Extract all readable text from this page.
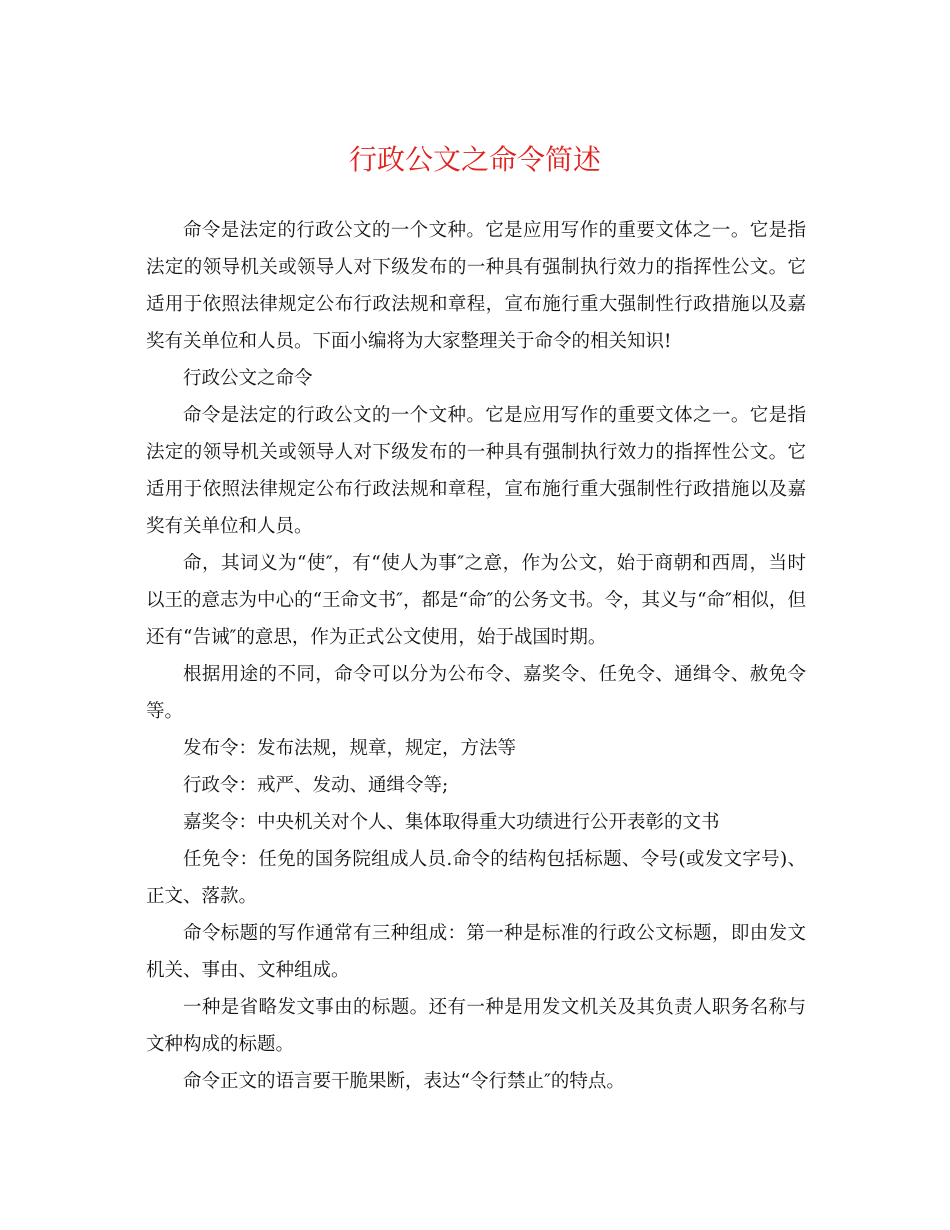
行政公文之命令简述

命令是法定的行政公文的一个文种。它是应用写作的重要文体之一。它是指法定的领导机关或领导人对下级发布的一种具有强制执行效力的指挥性公文。它适用于依照法律规定公布行政法规和章程，宣布施行重大强制性行政措施以及嘉奖有关单位和人员。下面小编将为大家整理关于命令的相关知识!

行政公文之命令

命令是法定的行政公文的一个文种。它是应用写作的重要文体之一。它是指法定的领导机关或领导人对下级发布的一种具有强制执行效力的指挥性公文。它适用于依照法律规定公布行政法规和章程，宣布施行重大强制性行政措施以及嘉奖有关单位和人员。

命，其词义为“使″，有“使人为事″之意，作为公文，始于商朝和西周，当时以王的意志为中心的“王命文书″，都是“命″的公务文书。令，其义与“命″相似，但还有“告诫″的意思，作为正式公文使用，始于战国时期。

根据用途的不同，命令可以分为公布令、嘉奖令、任免令、通缉令、赦免令等。

发布令：发布法规，规章，规定，方法等

行政令：戒严、发动、通缉令等;

嘉奖令：中央机关对个人、集体取得重大功绩进行公开表彰的文书

任免令：任免的国务院组成人员.命令的结构包括标题、令号(或发文字号)、正文、落款。

命令标题的写作通常有三种组成：第一种是标准的行政公文标题，即由发文机关、事由、文种组成。

一种是省略发文事由的标题。还有一种是用发文机关及其负责人职务名称与文种构成的标题。

命令正文的语言要干脆果断，表达“令行禁止″的特点。
